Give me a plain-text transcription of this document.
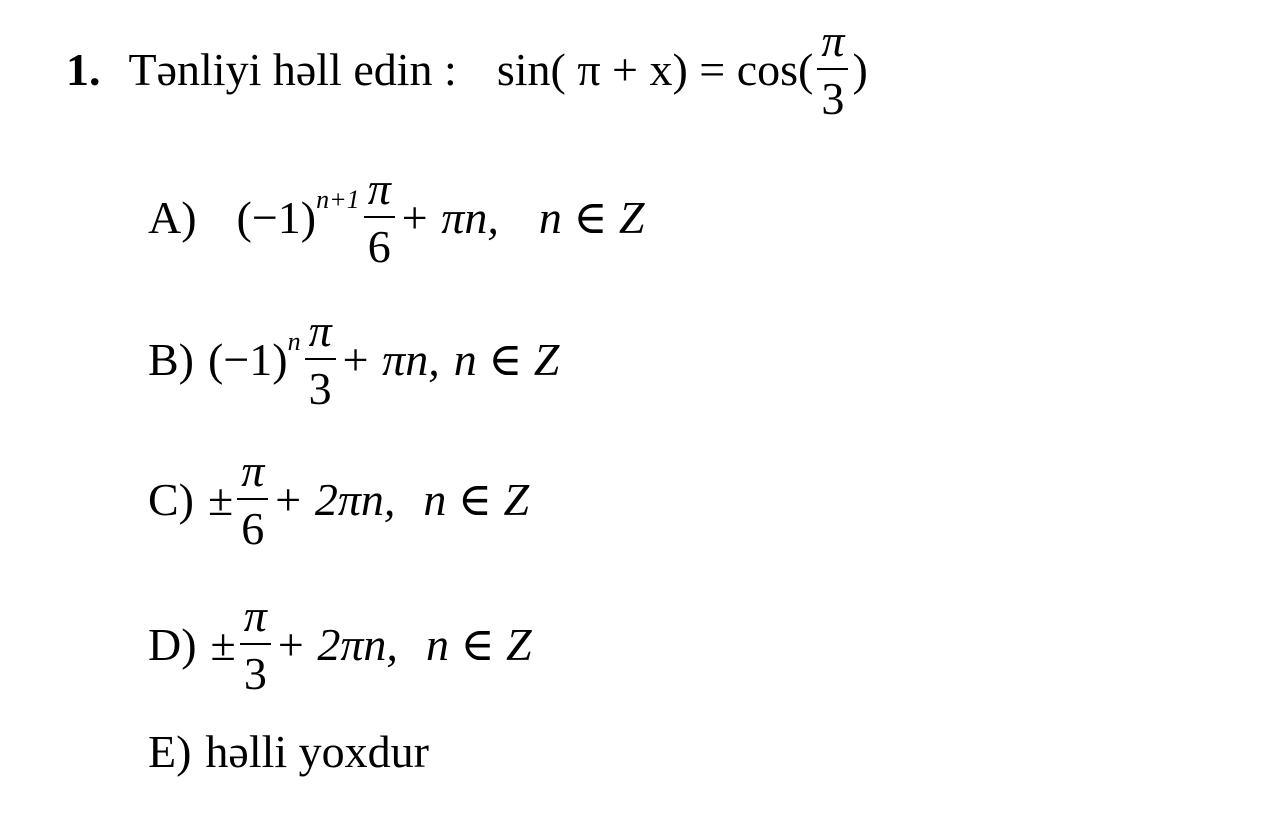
1. Tənliyi həll edin : sin( $\pi + x) = \cos( \frac{\pi}{3}$ )
A) $(-1)^{n+1} \frac{\pi}{6} + \pi n$, n ∈ Z
B) $(-1)^n \frac{\pi}{3} + \pi n$, n ∈ Z
$C) \pm \frac{\pi}{6} + 2\pi n$, n ∈ Z
$D) \pm \frac{\pi}{3} + 2\pi n$, n ∈ Z
E) həlli yoxdur
